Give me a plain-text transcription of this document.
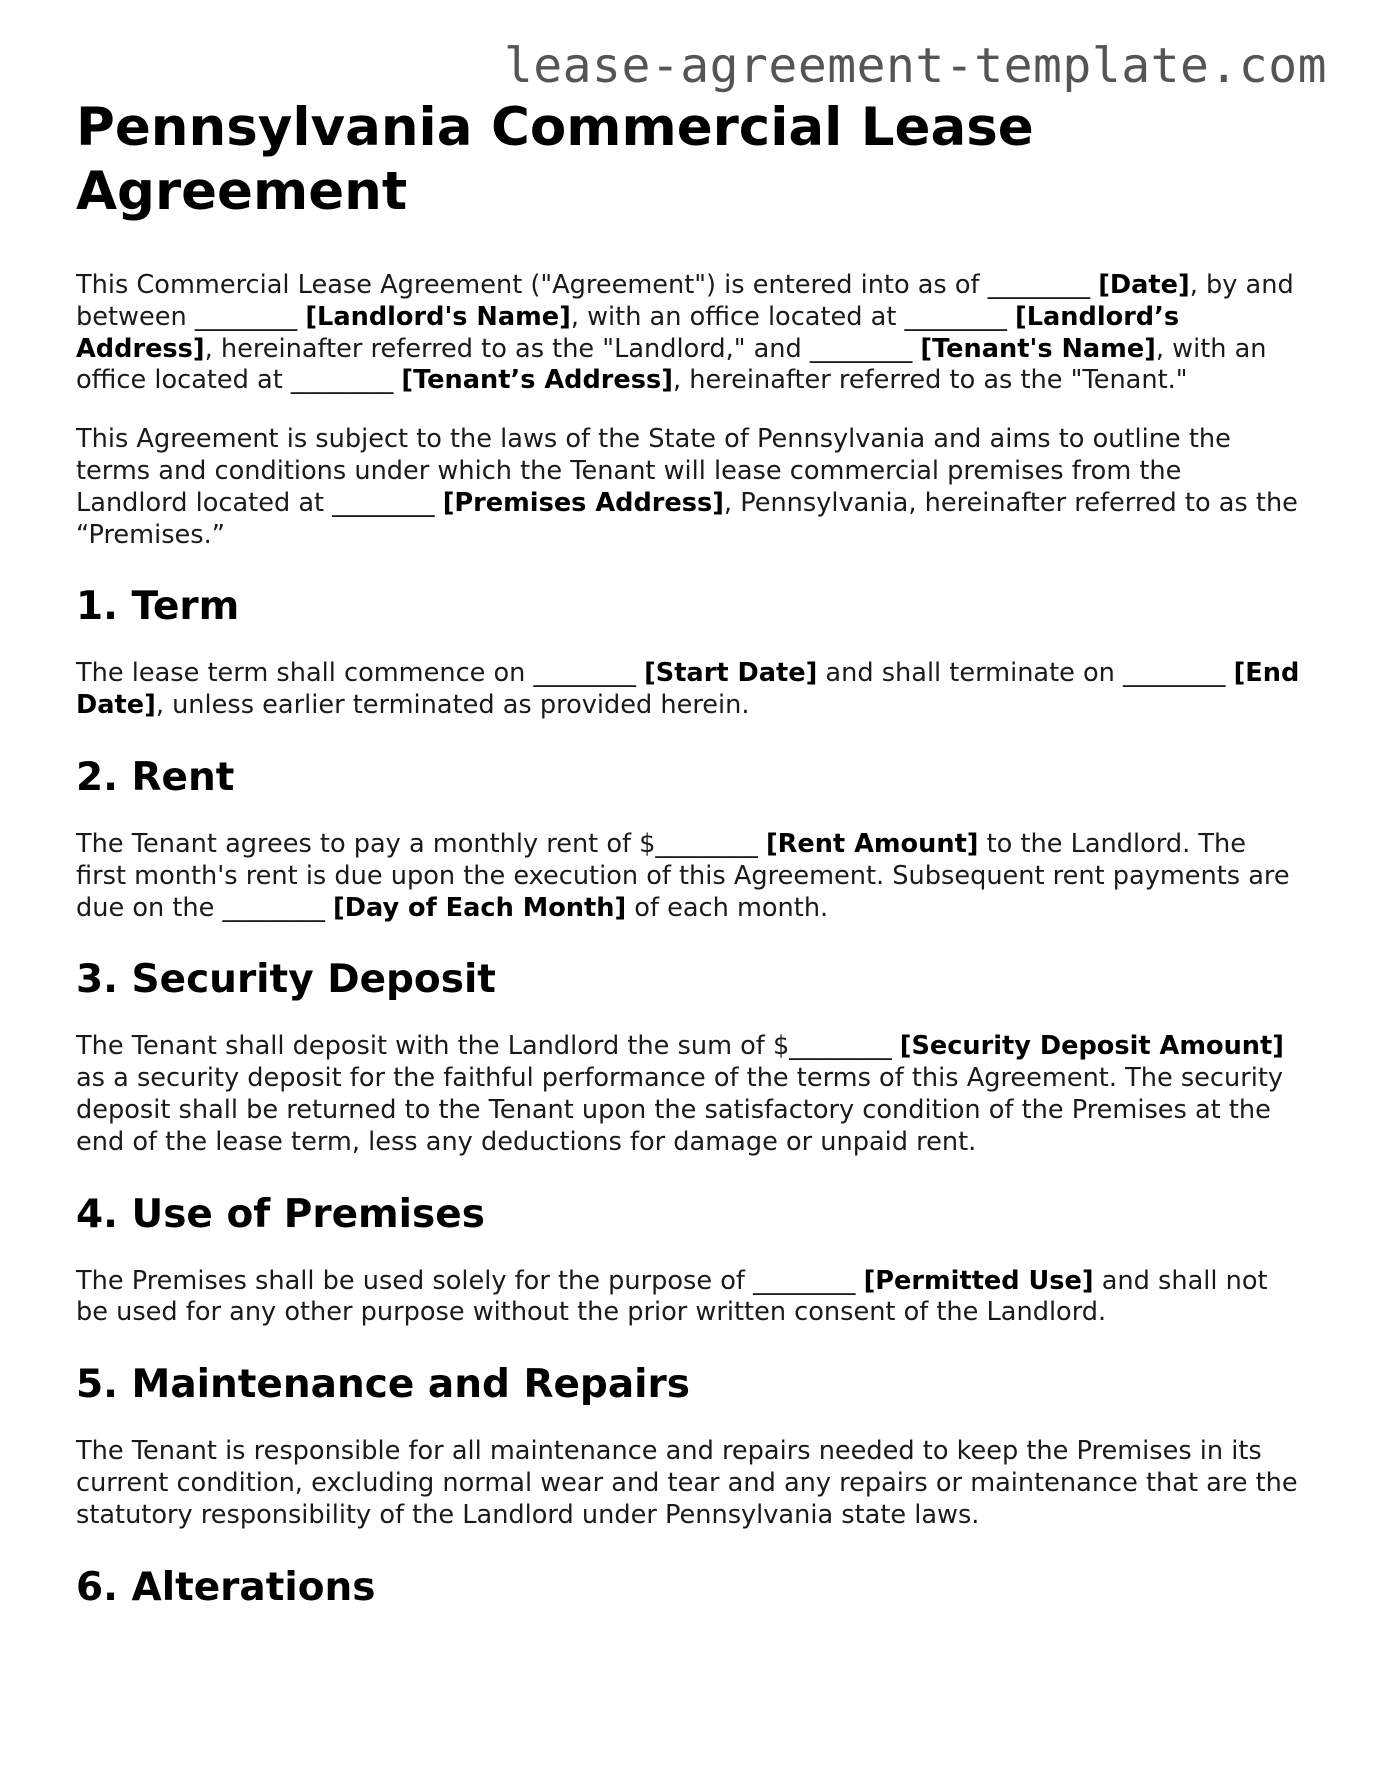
lease-agreement-template.com
Pennsylvania Commercial Lease Agreement

This Commercial Lease Agreement ("Agreement") is entered into as of ________ [Date], by and between ________ [Landlord's Name], with an office located at ________ [Landlord’s Address], hereinafter referred to as the "Landlord," and ________ [Tenant's Name], with an office located at ________ [Tenant’s Address], hereinafter referred to as the "Tenant."

This Agreement is subject to the laws of the State of Pennsylvania and aims to outline the terms and conditions under which the Tenant will lease commercial premises from the Landlord located at ________ [Premises Address], Pennsylvania, hereinafter referred to as the “Premises.”

1. Term

The lease term shall commence on ________ [Start Date] and shall terminate on ________ [End Date], unless earlier terminated as provided herein.

2. Rent

The Tenant agrees to pay a monthly rent of $________ [Rent Amount] to the Landlord. The first month's rent is due upon the execution of this Agreement. Subsequent rent payments are due on the ________ [Day of Each Month] of each month.

3. Security Deposit

The Tenant shall deposit with the Landlord the sum of $________ [Security Deposit Amount] as a security deposit for the faithful performance of the terms of this Agreement. The security deposit shall be returned to the Tenant upon the satisfactory condition of the Premises at the end of the lease term, less any deductions for damage or unpaid rent.

4. Use of Premises

The Premises shall be used solely for the purpose of ________ [Permitted Use] and shall not be used for any other purpose without the prior written consent of the Landlord.

5. Maintenance and Repairs

The Tenant is responsible for all maintenance and repairs needed to keep the Premises in its current condition, excluding normal wear and tear and any repairs or maintenance that are the statutory responsibility of the Landlord under Pennsylvania state laws.

6. Alterations
